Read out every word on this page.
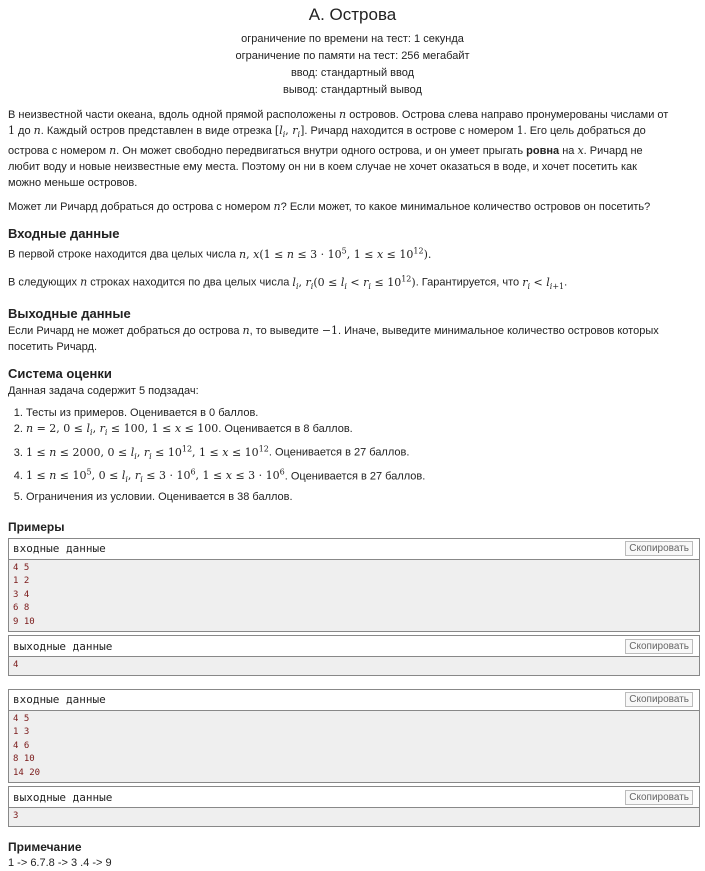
A. Острова
ограничение по времени на тест: 1 секунда
ограничение по памяти на тест: 256 мегабайт
ввод: стандартный ввод
вывод: стандартный вывод

В неизвестной части океана, вдоль одной прямой расположены n островов. Острова слева направо пронумерованы числами от
1 до n. Каждый остров представлен в виде отрезка [$l_i$, $r_i$]. Ричард находится в острове с номером 1. Его цель добраться до
острова с номером n. Он может свободно передвигаться внутри одного острова, и он умеет прыгать ровна на x. Ричард не
любит воду и новые неизвестные ему места. Поэтому он ни в коем случае не хочет оказаться в воде, и хочет посетить как
можно меньше островов.

Может ли Ричард добраться до острова с номером n? Если может, то какое минимальное количество островов он посетить?

Входные данные

В первой строке находится два целых числа n, $x(1 \le n \le 3 \cdot 10^5$, $1 \le x \le 10^{12}$).

В следующих n строках находится по два целых числа $l_i$, $r_i(0 \le l_i < r_i \le 10^{12})$. Гарантируется, что $r_i < l_{i+1}$.

Выходные данные

Если Ричард не может добраться до острова n, то выведите −1. Иначе, выведите минимальное количество островов которых
посетить Ричард.

Система оценки

Данная задача содержит 5 подзадач:

1. Тесты из примеров. Оценивается в 0 баллов.
2. n = 2, $0 \le l_i$, $r_i \le 100$, 1 ≤ x ≤ 100. Оценивается в 8 баллов.
3. 1 ≤ n ≤ 2000, $0 \le l_i$, $r_i \le 10^{12}$, $1 \le x \le 10^{12}$. Оценивается в 27 баллов.
4. $1 \le n \le 10^5$, $0 \le l_i$, $r_i \le 3 \cdot 10^6$, $1 \le x \le 3 \cdot 10^6$. Оценивается в 27 баллов.
5. Ограничения из условии. Оценивается в 38 баллов.
Примеры
входные данные	Скопировать
4 5
1 2
3 4
6 8
9 10
выходные данные	Скопировать
4
входные данные	Скопировать
4 5
1 3
4 6
8 10
14 20
выходные данные	Скопировать
3
Примечание

1 -> 6.7.8 -> 3 .4 -> 9
